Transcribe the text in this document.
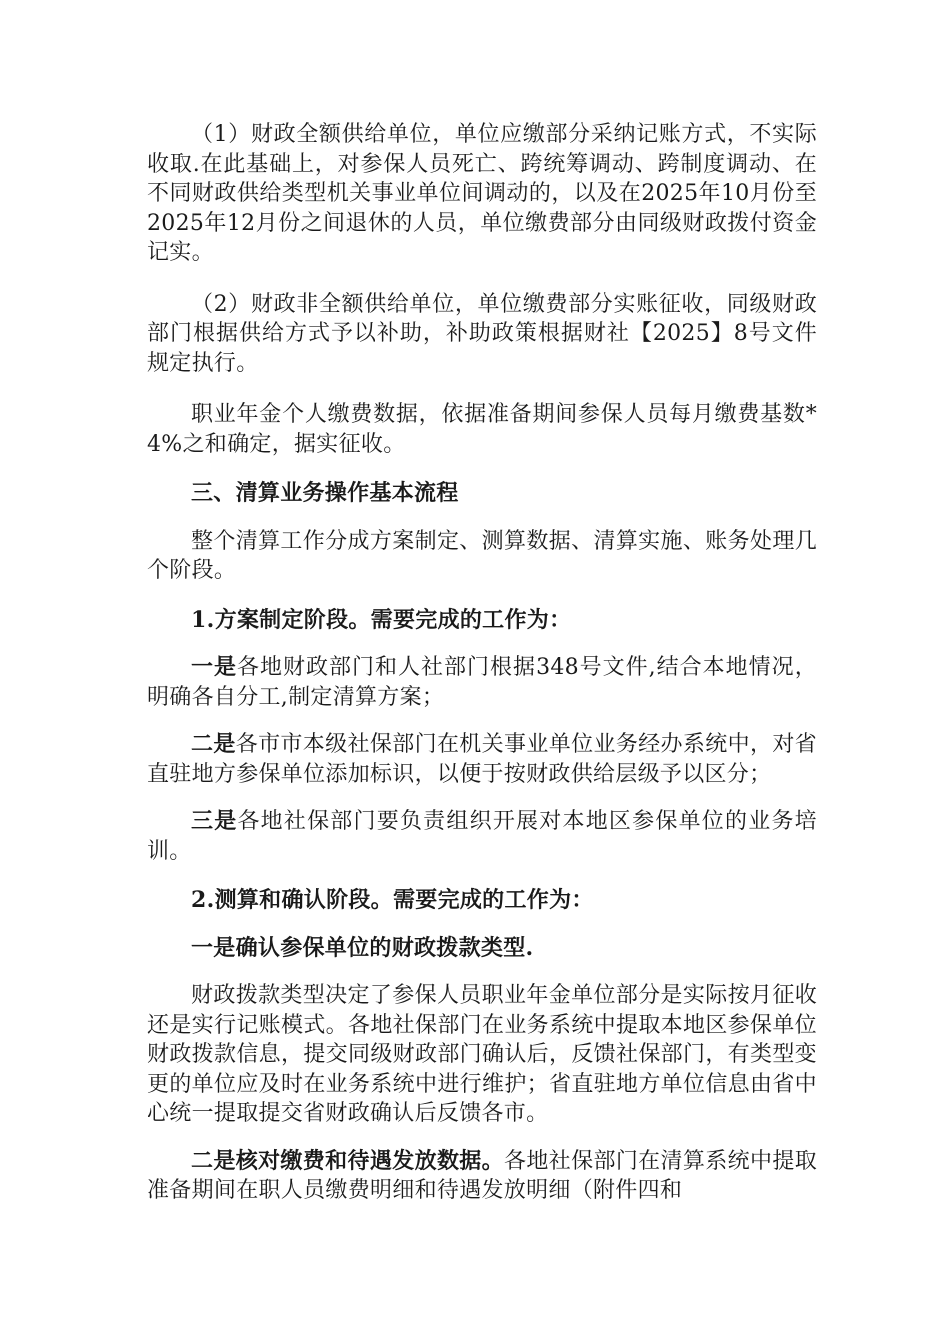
（1）财政全额供给单位，单位应缴部分采纳记账方式，不实际收取.在此基础上，对参保人员死亡、跨统筹调动、跨制度调动、在不同财政供给类型机关事业单位间调动的，以及在2025年10月份至2025年12月份之间退休的人员，单位缴费部分由同级财政拨付资金记实。

（2）财政非全额供给单位，单位缴费部分实账征收，同级财政部门根据供给方式予以补助，补助政策根据财社【2025】8号文件规定执行。

职业年金个人缴费数据，依据准备期间参保人员每月缴费基数*4%之和确定，据实征收。

三、清算业务操作基本流程

整个清算工作分成方案制定、测算数据、清算实施、账务处理几个阶段。

1.方案制定阶段。需要完成的工作为：

一是各地财政部门和人社部门根据348号文件,结合本地情况，明确各自分工,制定清算方案；

二是各市市本级社保部门在机关事业单位业务经办系统中，对省直驻地方参保单位添加标识，以便于按财政供给层级予以区分；

三是各地社保部门要负责组织开展对本地区参保单位的业务培训。

2.测算和确认阶段。需要完成的工作为：

一是确认参保单位的财政拨款类型.

财政拨款类型决定了参保人员职业年金单位部分是实际按月征收还是实行记账模式。各地社保部门在业务系统中提取本地区参保单位财政拨款信息，提交同级财政部门确认后，反馈社保部门，有类型变更的单位应及时在业务系统中进行维护；省直驻地方单位信息由省中心统一提取提交省财政确认后反馈各市。

二是核对缴费和待遇发放数据。各地社保部门在清算系统中提取准备期间在职人员缴费明细和待遇发放明细（附件四和
